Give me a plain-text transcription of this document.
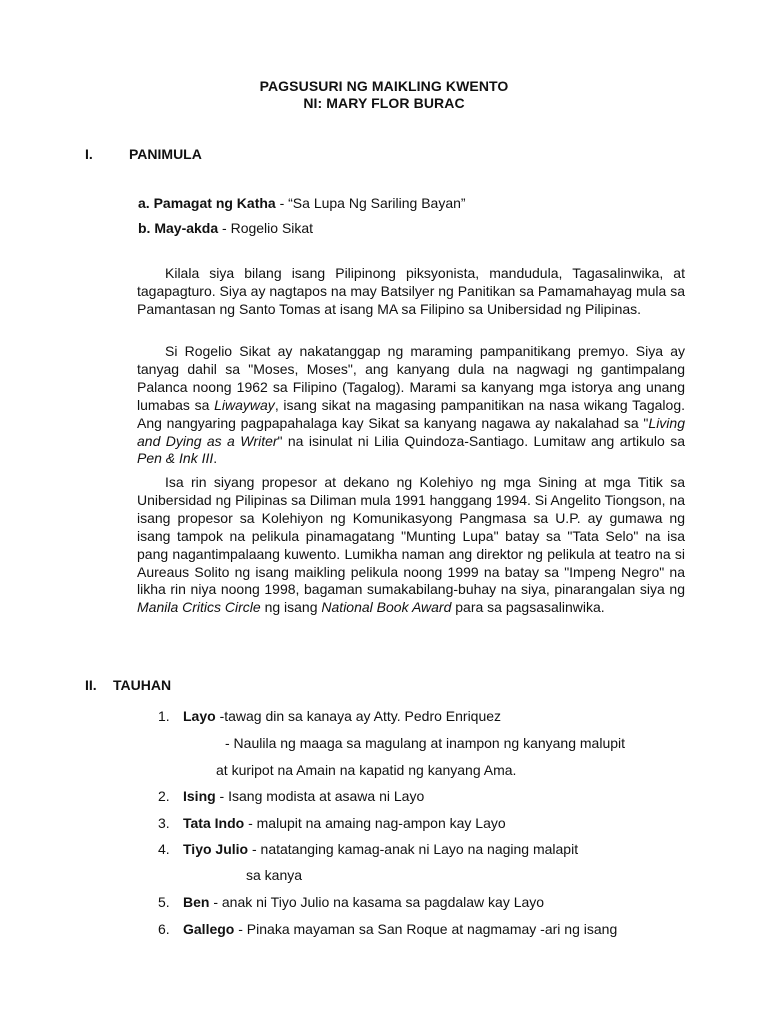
PAGSUSURI NG MAIKLING KWENTO
NI: MARY FLOR BURAC
I.	PANIMULA
a. Pamagat ng Katha - “Sa Lupa Ng Sariling Bayan”
b. May-akda - Rogelio Sikat
Kilala siya bilang isang Pilipinong piksyonista, mandudula, Tagasalinwika, at tagapagturo. Siya ay nagtapos na may Batsilyer ng Panitikan sa Pamamahayag mula sa Pamantasan ng Santo Tomas at isang MA sa Filipino sa Unibersidad ng Pilipinas.
Si Rogelio Sikat ay nakatanggap ng maraming pampanitikang premyo. Siya ay tanyag dahil sa "Moses, Moses", ang kanyang dula na nagwagi ng gantimpalang Palanca noong 1962 sa Filipino (Tagalog). Marami sa kanyang mga istorya ang unang lumabas sa Liwayway, isang sikat na magasing pampanitikan na nasa wikang Tagalog. Ang nangyaring pagpapahalaga kay Sikat sa kanyang nagawa ay nakalahad sa "Living and Dying as a Writer" na isinulat ni Lilia Quindoza-Santiago. Lumitaw ang artikulo sa Pen & Ink III.
Isa rin siyang propesor at dekano ng Kolehiyo ng mga Sining at mga Titik sa Unibersidad ng Pilipinas sa Diliman mula 1991 hanggang 1994. Si Angelito Tiongson, na isang propesor sa Kolehiyon ng Komunikasyong Pangmasa sa U.P. ay gumawa ng isang tampok na pelikula pinamagatang "Munting Lupa" batay sa "Tata Selo" na isa pang nagantimpalaang kuwento. Lumikha naman ang direktor ng pelikula at teatro na si Aureaus Solito ng isang maikling pelikula noong 1999 na batay sa "Impeng Negro" na likha rin niya noong 1998, bagaman sumakabilang-buhay na siya, pinarangalan siya ng Manila Critics Circle ng isang National Book Award para sa pagsasalinwika.
II. TAUHAN
1. Layo -tawag din sa kanaya ay Atty. Pedro Enriquez
- Naulila ng maaga sa magulang at inampon ng kanyang malupit
at kuripot na Amain na kapatid ng kanyang Ama.
2. Ising - Isang modista at asawa ni Layo
3. Tata Indo - malupit na amaing nag-ampon kay Layo
4. Tiyo Julio - natatanging kamag-anak ni Layo na naging malapit
sa kanya
5. Ben - anak ni Tiyo Julio na kasama sa pagdalaw kay Layo
6. Gallego - Pinaka mayaman sa San Roque at nagmamay -ari ng isang
